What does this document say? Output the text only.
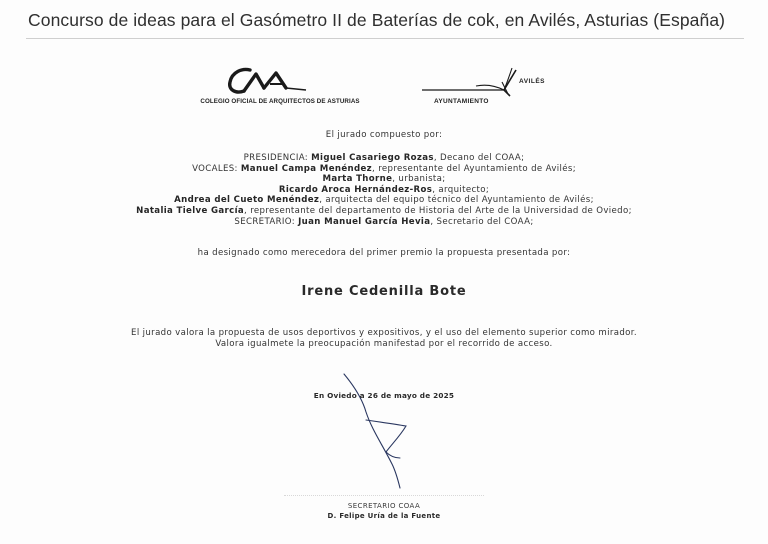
Concurso de ideas para el Gasómetro II de Baterías de cok, en Avilés, Asturias (España)
COLEGIO OFICIAL DE ARQUITECTOS DE ASTURIAS
AVILÉS
AYUNTAMIENTO
El jurado compuesto por:
PRESIDENCIA: Miguel Casariego Rozas, Decano del COAA;
VOCALES: Manuel Campa Menéndez, representante del Ayuntamiento de Avilés;
Marta Thorne, urbanista;
Ricardo Aroca Hernández-Ros, arquitecto;
Andrea del Cueto Menéndez, arquitecta del equipo técnico del Ayuntamiento de Avilés;
Natalia Tielve García, representante del departamento de Historia del Arte de la Universidad de Oviedo;
SECRETARIO: Juan Manuel García Hevia, Secretario del COAA;
ha designado como merecedora del primer premio la propuesta presentada por:
Irene Cedenilla Bote
El jurado valora la propuesta de usos deportivos y expositivos, y el uso del elemento superior como mirador.
Valora igualmete la preocupación manifestad por el recorrido de acceso.
En Oviedo a 26 de mayo de 2025
SECRETARIO COAA
D. Felipe Uría de la Fuente
